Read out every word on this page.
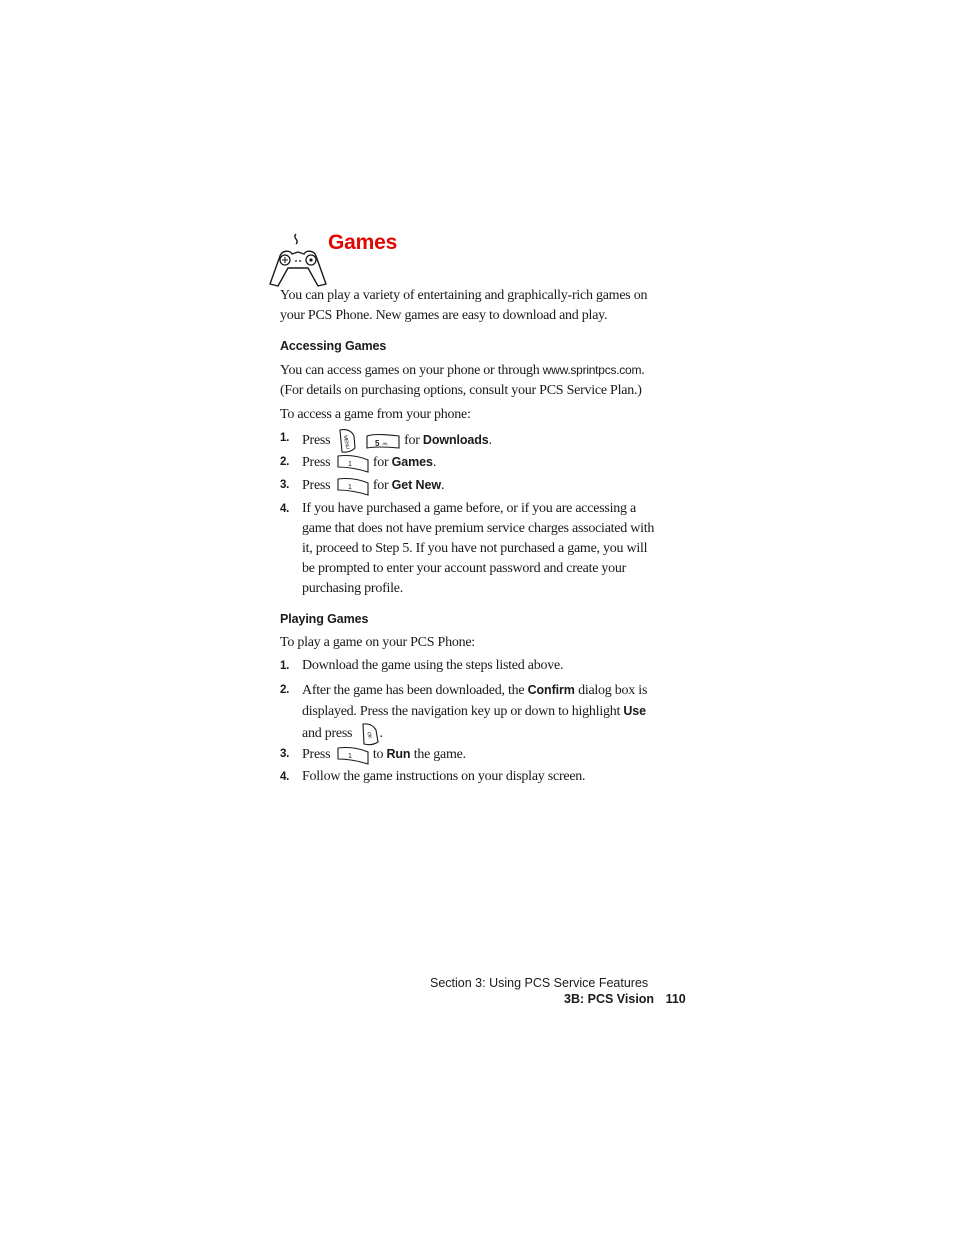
Games
You can play a variety of entertaining and graphically-rich games on your PCS Phone. New games are easy to download and play.
Accessing Games
You can access games on your phone or through www.sprintpcs.com.
(For details on purchasing options, consult your PCS Service Plan.)
To access a game from your phone:
1. Press MENU
	5 JKL for Downloads.
2. Press 1 for Games.
3. Press 1 for Get New.
4. If you have purchased a game before, or if you are accessing a game that does not have premium service charges associated with it, proceed to Step 5. If you have not purchased a game, you will be prompted to enter your account password and create your purchasing profile.
Playing Games
To play a game on your PCS Phone:
1. Download the game using the steps listed above.
2. After the game has been downloaded, the Confirm dialog box is displayed. Press the navigation key up or down to highlight Use and press	OK .
3. Press 1 to Run the game.
4. Follow the game instructions on your display screen.
Section 3: Using PCS Service Features
3B: PCS Vision 110
